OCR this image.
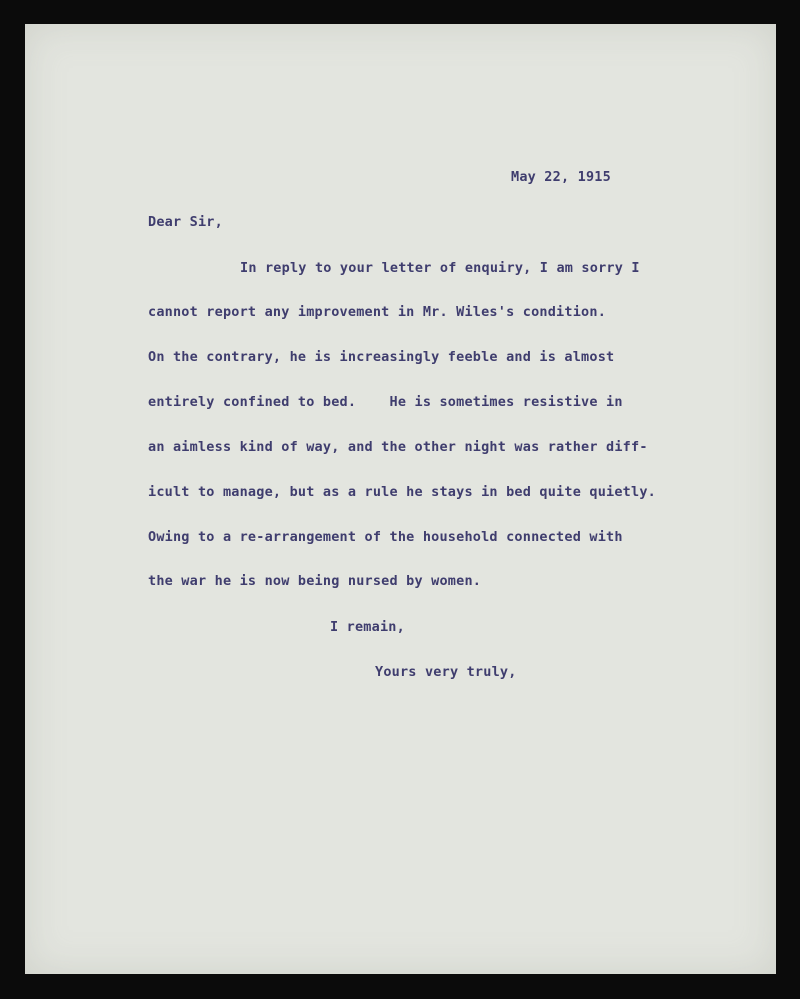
May 22, 1915
Dear Sir,
In reply to your letter of enquiry, I am sorry I
cannot report any improvement in Mr. Wiles's condition.
On the contrary, he is increasingly feeble and is almost
entirely confined to bed.    He is sometimes resistive in
an aimless kind of way, and the other night was rather diff-
icult to manage, but as a rule he stays in bed quite quietly.
Owing to a re-arrangement of the household connected with
the war he is now being nursed by women.
I remain,
Yours very truly,
